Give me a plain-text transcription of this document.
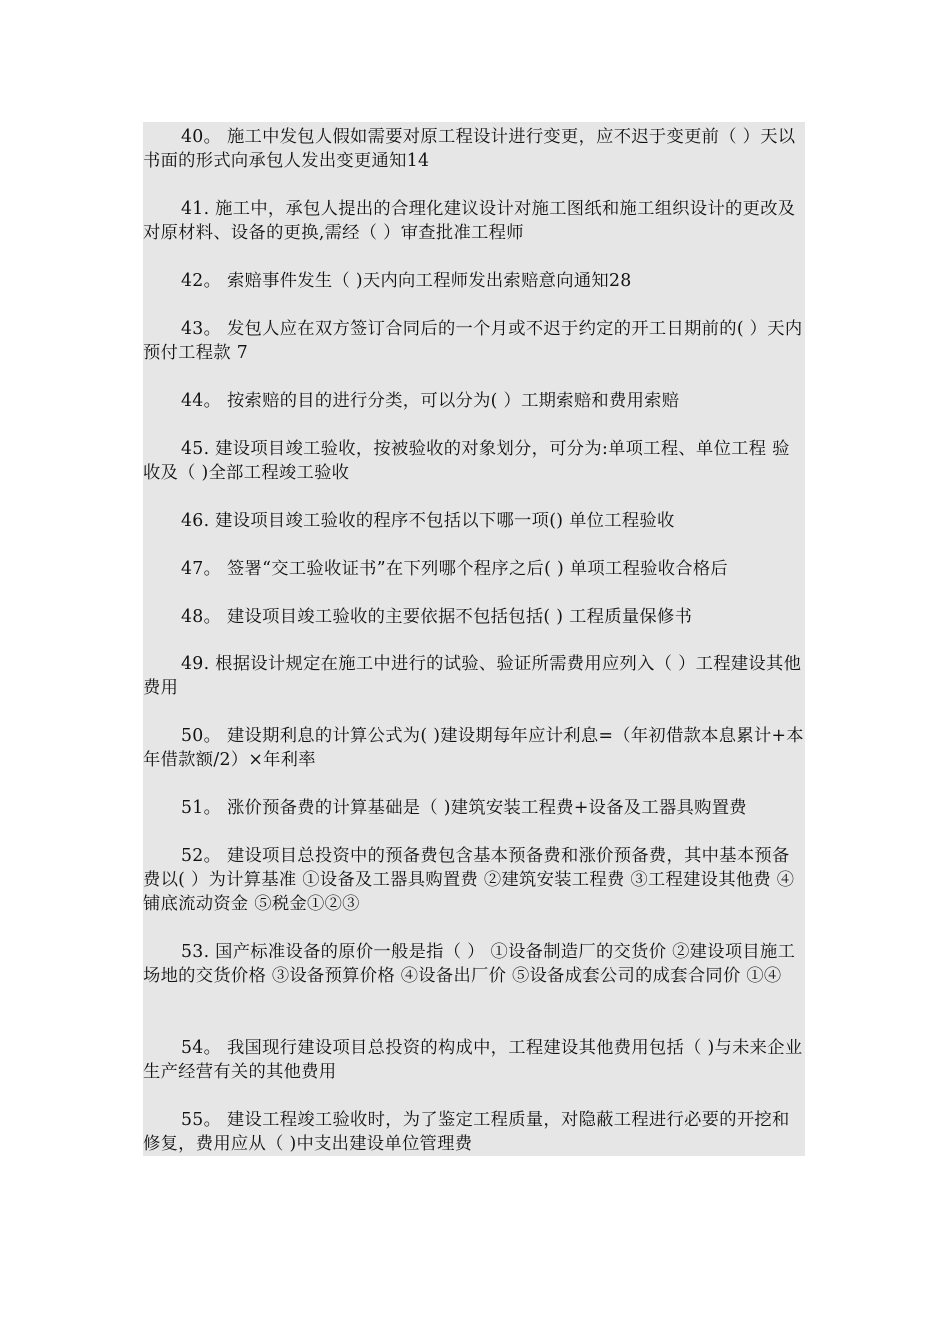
40。 施工中发包人假如需要对原工程设计进行变更，应不迟于变更前（ ）天以书面的形式向承包人发出变更通知14

41. 施工中，承包人提出的合理化建议设计对施工图纸和施工组织设计的更改及对原材料、设备的更换,需经（ ）审查批准工程师

42。 索赔事件发生（ )天内向工程师发出索赔意向通知28

43。 发包人应在双方签订合同后的一个月或不迟于约定的开工日期前的( ）天内预付工程款 7

44。 按索赔的目的进行分类，可以分为( ）工期索赔和费用索赔

45. 建设项目竣工验收，按被验收的对象划分，可分为:单项工程、单位工程 验收及（ )全部工程竣工验收

46. 建设项目竣工验收的程序不包括以下哪一项() 单位工程验收

47。 签署“交工验收证书”在下列哪个程序之后( ) 单项工程验收合格后

48。 建设项目竣工验收的主要依据不包括包括( ) 工程质量保修书

49. 根据设计规定在施工中进行的试验、验证所需费用应列入（ ）工程建设其他费用

50。 建设期利息的计算公式为( )建设期每年应计利息=（年初借款本息累计+本年借款额/2）×年利率

51。 涨价预备费的计算基础是（ )建筑安装工程费+设备及工器具购置费

52。 建设项目总投资中的预备费包含基本预备费和涨价预备费，其中基本预备费以( ）为计算基准 ①设备及工器具购置费 ②建筑安装工程费 ③工程建设其他费 ④铺底流动资金 ⑤税金①②③

53. 国产标准设备的原价一般是指（ ） ①设备制造厂的交货价 ②建设项目施工场地的交货价格 ③设备预算价格 ④设备出厂价 ⑤设备成套公司的成套合同价 ①④

54。 我国现行建设项目总投资的构成中，工程建设其他费用包括（ )与未来企业生产经营有关的其他费用

55。 建设工程竣工验收时，为了鉴定工程质量，对隐蔽工程进行必要的开挖和修复，费用应从（ )中支出建设单位管理费
